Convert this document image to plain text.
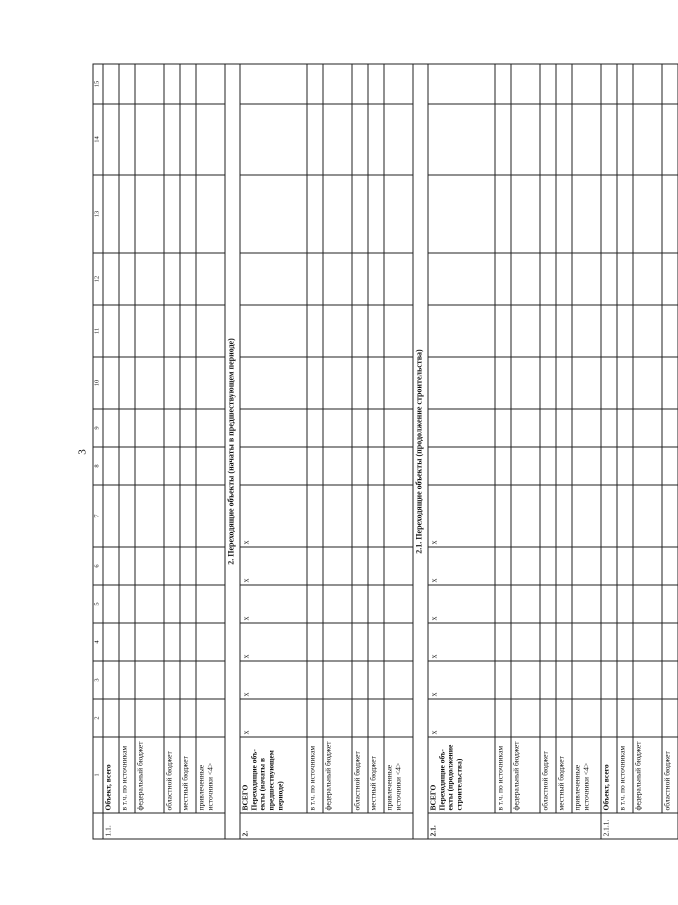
3
	1	2	3	4	5	6	7	8	9	10	11	12	13	14	15
1.1.	Объект, всего														
	в т.ч. по источникам														
	федеральный бюджет														
	областной бюджет														
	местный бюджет														
	привлеченные источники <4>														
2. Переходящие объекты (начаты в предшествующем периоде)															
2.	ВСЕГО Переходящие объ-екты (начаты в предшествующем периоде)	x	x	x	x	x	x								
	в т.ч. по источникам														
	федеральный бюджет														
	областной бюджет														
	местный бюджет														
	привлеченные источники <4>														
2.1. Переходящие объекты (продолжение строительства)															
2.1.	ВСЕГО Переходящие объ-екты (продолжение строительства)	x	x	x	x	x	x								
	в т.ч. по источникам														
	федеральный бюджет														
	областной бюджет														
	местный бюджет														
	привлеченные источники <4>														
2.1.1.	Объект, всего														
	в т.ч. по источникам														
	федеральный бюджет														
	областной бюджет														
